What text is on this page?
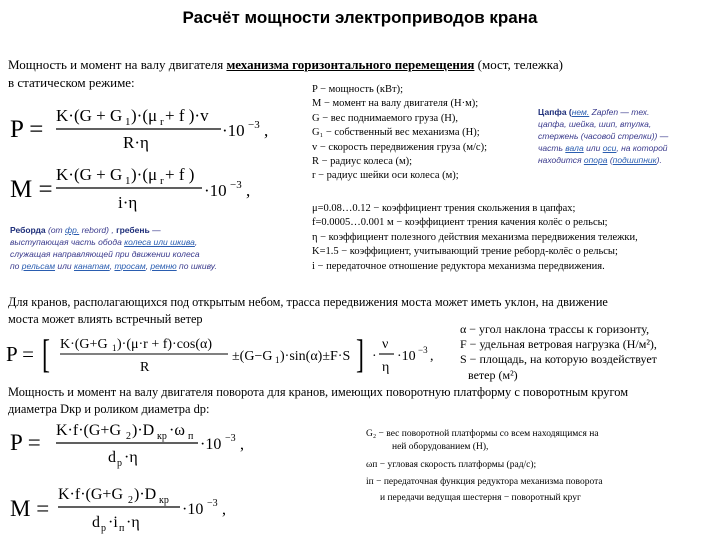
Расчёт мощности электроприводов крана
Мощность и момент на валу двигателя механизма горизонтального перемещения (мост, тележка)
в статическом режиме:
P =
K·(G + G 1 )·(μ r + f )·v
R·η
·10 −3 ,
M =
K·(G + G 1 )·(μ r + f )
i·η
·10 −3 ,
P − мощность (кВт);
M − момент на валу двигателя (Н·м);
G − вес поднимаемого груза (Н),
G₁ − собственный вес механизма (Н);
v − скорость передвижения груза (м/с);
R − радиус колеса (м);
r − радиус шейки оси колеса (м);
μ=0.08…0.12 − коэффициент трения скольжения в цапфах;
f=0.0005…0.001 м − коэффициент трения качения колёс о рельсы;
η − коэффициент полезного действия механизма передвижения тележки,
K=1.5 − коэффициент, учитывающий трение реборд-колёс о рельсы;
i − передаточное отношение редуктора механизма передвижения.
Цапфа (нем. Zapfen — тех.
цапфа, шейка, шип, втулка,
стержень (часовой стрелки)) —
часть вала или оси, на которой
находится опора (подшипник).
Реборда (от фр. rebord) , гребень —
выступающая часть обода колеса или шкива,
служащая направляющей при движении колеса
по рельсам или канатам, тросам, ремню по шкиву.
Для кранов, располагающихся под открытым небом, трасса передвижения моста может иметь уклон, на движение
моста может влиять встречный ветер
P = [ K·(G+G 1 )·(μ·r + f)·cos(α)
R
±(G−G 1 )·sin(α)±F·S ] ·
ν
η
·10 −3 ,
α − угол наклона трассы к горизонту,
F − удельная ветровая нагрузка (Н/м²),
S − площадь, на которую воздействует
ветер (м²)
Мощность и момент на валу двигателя поворота для кранов, имеющих поворотную платформу с поворотным кругом
диаметра Dкр и роликом диаметра dр:
P = K·f·(G+G 2 )·D кр ·ω п
d p ·η
·10 −3 ,
M =
K·f·(G+G 2 )·D кр
d p ·i п ·η
·10 −3 ,
G₂ − вес поворотной платформы со всем находящимся на
ней оборудованием (Н),
ωп − угловая скорость платформы (рад/с);
iп − передаточная функция редуктора механизма поворота
и передачи ведущая шестерня − поворотный круг
